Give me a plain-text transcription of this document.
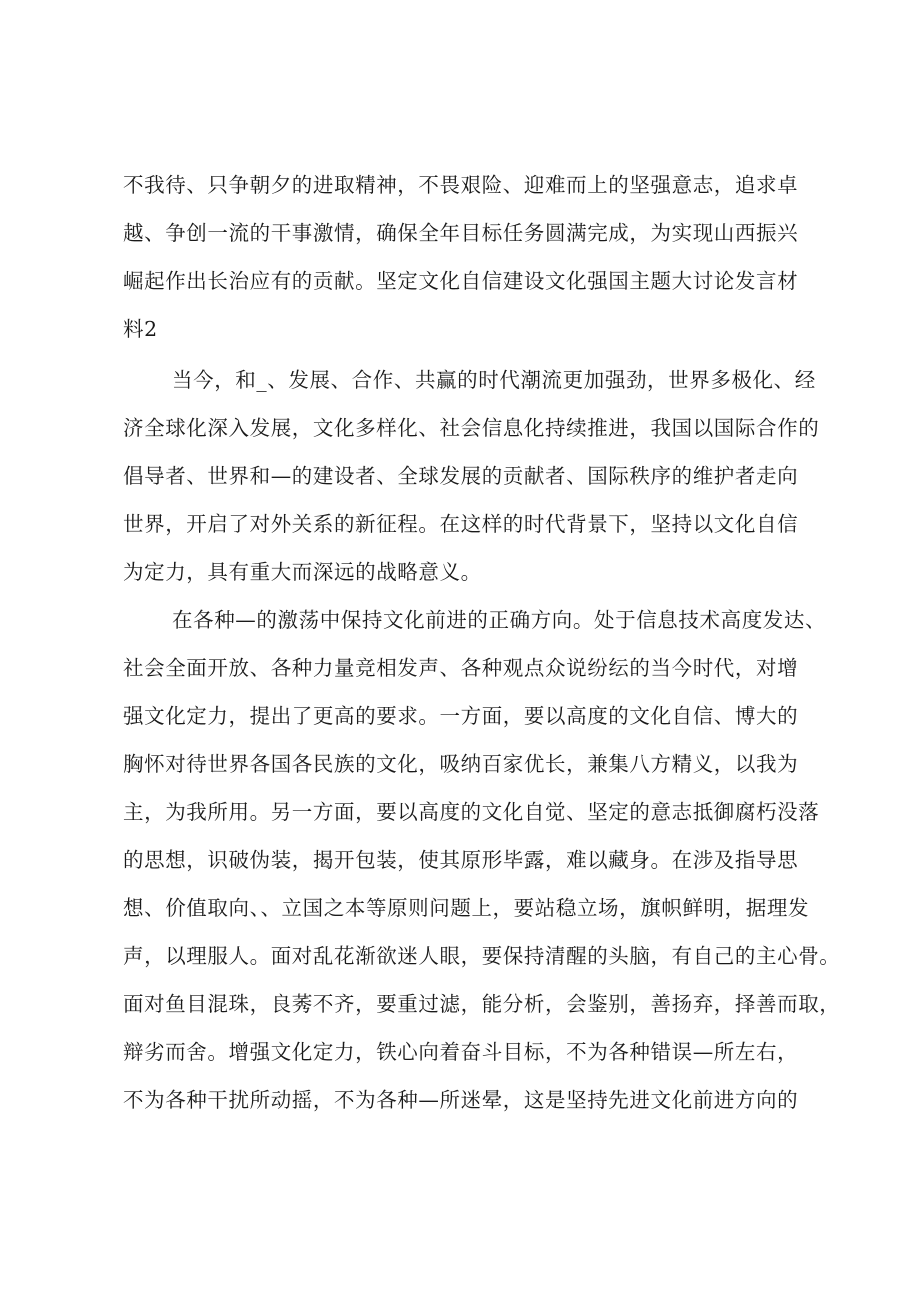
不我待、只争朝夕的进取精神，不畏艰险、迎难而上的坚强意志，追求卓
越、争创一流的干事激情，确保全年目标任务圆满完成，为实现山西振兴
崛起作出长治应有的贡献。坚定文化自信建设文化强国主题大讨论发言材
料2
当今，和_、发展、合作、共赢的时代潮流更加强劲，世界多极化、经
济全球化深入发展，文化多样化、社会信息化持续推进，我国以国际合作的
倡导者、世界和—的建设者、全球发展的贡献者、国际秩序的维护者走向
世界，开启了对外关系的新征程。在这样的时代背景下，坚持以文化自信
为定力，具有重大而深远的战略意义。
在各种—的激荡中保持文化前进的正确方向。处于信息技术高度发达、
社会全面开放、各种力量竞相发声、各种观点众说纷纭的当今时代，对增
强文化定力，提出了更高的要求。一方面，要以高度的文化自信、博大的
胸怀对待世界各国各民族的文化，吸纳百家优长，兼集八方精义，以我为
主，为我所用。另一方面，要以高度的文化自觉、坚定的意志抵御腐朽没落
的思想，识破伪装，揭开包装，使其原形毕露，难以藏身。在涉及指导思
想、价值取向、、立国之本等原则问题上，要站稳立场，旗帜鲜明，据理发
声，以理服人。面对乱花渐欲迷人眼，要保持清醒的头脑，有自己的主心骨。
面对鱼目混珠，良莠不齐，要重过滤，能分析，会鉴别，善扬弃，择善而取，
辩劣而舍。增强文化定力，铁心向着奋斗目标，不为各种错误—所左右，
不为各种干扰所动摇，不为各种—所迷晕，这是坚持先进文化前进方向的
